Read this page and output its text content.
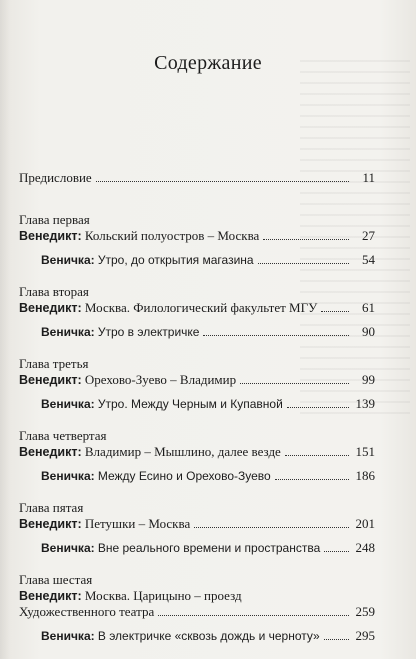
Содержание
Предисловие	11
Глава первая
Венедикт:
Кольский полуостров – Москва	27
Веничка:
Утро, до открытия магазина	54
Глава вторая
Венедикт:
Москва. Филологический факультет МГУ	61
Веничка:
Утро в электричке	90
Глава третья
Венедикт:
Орехово-Зуево – Владимир	99
Веничка:
Утро. Между Черным и Купавной	139
Глава четвертая
Венедикт:
Владимир – Мышлино, далее везде	151
Веничка:
Между Есино и Орехово-Зуево	186
Глава пятая
Венедикт:
Петушки – Москва	201
Веничка:
Вне реального времени и пространства	248
Глава шестая
Венедикт:
Москва. Царицыно – проезд
Художественного театра	259
Веничка:
В электричке «сквозь дождь и черноту»	295
